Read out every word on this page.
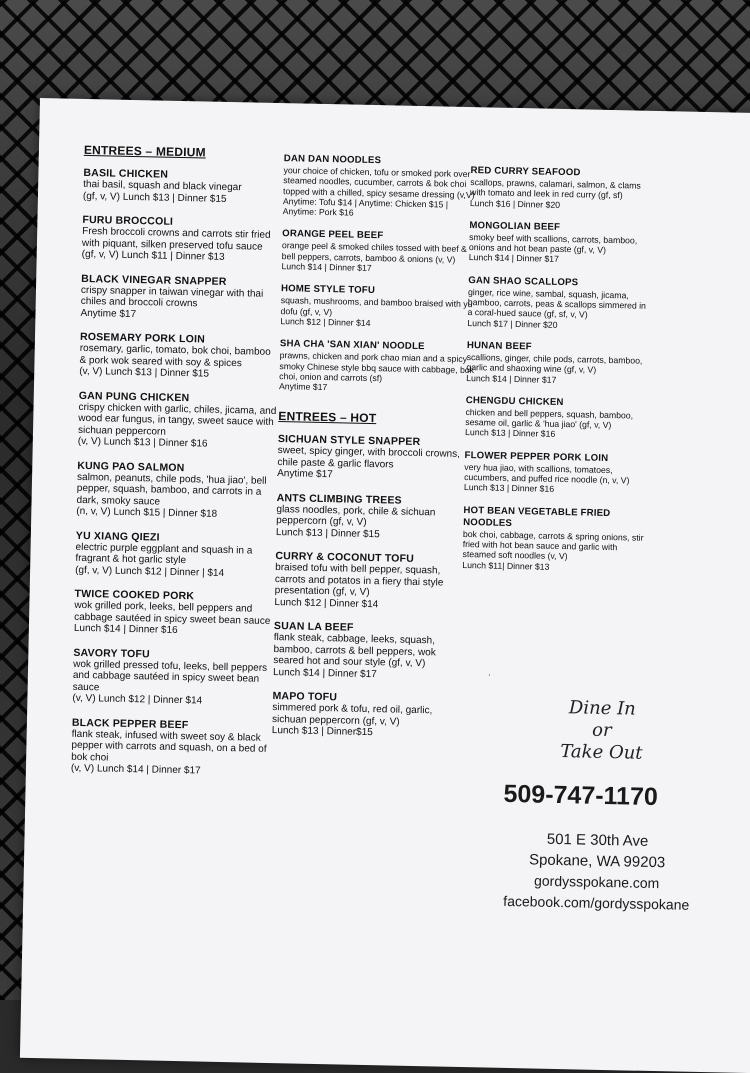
ENTREES – MEDIUM
BASIL CHICKEN
thai basil, squash and black vinegar
(gf, v, V) Lunch $13 | Dinner $15
FURU BROCCOLI
Fresh broccoli crowns and carrots stir fried with piquant, silken preserved tofu sauce
(gf, v, V) Lunch $11 | Dinner $13
BLACK VINEGAR SNAPPER
crispy snapper in taiwan vinegar with thai chiles and broccoli crowns
Anytime $17
ROSEMARY PORK LOIN
rosemary, garlic, tomato, bok choi, bamboo & pork wok seared with soy & spices
(v, V) Lunch $13 | Dinner $15
GAN PUNG CHICKEN
crispy chicken with garlic, chiles, jicama, and wood ear fungus, in tangy, sweet sauce with sichuan peppercorn
(v, V) Lunch $13 | Dinner $16
KUNG PAO SALMON
salmon, peanuts, chile pods, 'hua jiao', bell pepper, squash, bamboo, and carrots in a dark, smoky sauce
(n, v, V) Lunch $15 | Dinner $18
YU XIANG QIEZI
electric purple eggplant and squash in a fragrant & hot garlic style
(gf, v, V) Lunch $12 | Dinner | $14
TWICE COOKED PORK
wok grilled pork, leeks, bell peppers and cabbage sautéed in spicy sweet bean sauce
Lunch $14 | Dinner $16
SAVORY TOFU
wok grilled pressed tofu, leeks, bell peppers and cabbage sautéed in spicy sweet bean sauce
(v, V) Lunch $12 | Dinner $14
BLACK PEPPER BEEF
flank steak, infused with sweet soy & black pepper with carrots and squash, on a bed of bok choi
(v, V) Lunch $14 | Dinner $17
DAN DAN NOODLES
your choice of chicken, tofu or smoked pork over steamed noodles, cucumber, carrots & bok choi topped with a chilled, spicy sesame dressing (v,V)
Anytime: Tofu $14 | Anytime: Chicken $15 | Anytime: Pork $16
ORANGE PEEL BEEF
orange peel & smoked chiles tossed with beef & bell peppers, carrots, bamboo & onions (v, V)
Lunch $14 | Dinner $17
HOME STYLE TOFU
squash, mushrooms, and bamboo braised with yu dofu (gf, v, V)
Lunch $12 | Dinner $14
SHA CHA 'SAN XIAN' NOODLE
prawns, chicken and pork chao mian and a spicy smoky Chinese style bbq sauce with cabbage, bok choi, onion and carrots (sf)
Anytime $17
ENTREES – HOT
SICHUAN STYLE SNAPPER
sweet, spicy ginger, with broccoli crowns, chile paste & garlic flavors
Anytime $17
ANTS CLIMBING TREES
glass noodles, pork, chile & sichuan peppercorn (gf, v, V)
Lunch $13 | Dinner $15
CURRY & COCONUT TOFU
braised tofu with bell pepper, squash, carrots and potatos in a fiery thai style presentation (gf, v, V)
Lunch $12 | Dinner $14
SUAN LA BEEF
flank steak, cabbage, leeks, squash, bamboo, carrots & bell peppers, wok seared hot and sour style (gf, v, V)
Lunch $14 | Dinner $17
MAPO TOFU
simmered pork & tofu, red oil, garlic, sichuan peppercorn (gf, v, V)
Lunch $13 | Dinner$15
RED CURRY SEAFOOD
scallops, prawns, calamari, salmon, & clams with tomato and leek in red curry (gf, sf)
Lunch $16 | Dinner $20
MONGOLIAN BEEF
smoky beef with scallions, carrots, bamboo, onions and hot bean paste (gf, v, V)
Lunch $14 | Dinner $17
GAN SHAO SCALLOPS
ginger, rice wine, sambal, squash, jicama, bamboo, carrots, peas & scallops simmered in a coral-hued sauce (gf, sf, v, V)
Lunch $17 | Dinner $20
HUNAN BEEF
scallions, ginger, chile pods, carrots, bamboo, garlic and shaoxing wine (gf, v, V)
Lunch $14 | Dinner $17
CHENGDU CHICKEN
chicken and bell peppers, squash, bamboo, sesame oil, garlic & 'hua jiao' (gf, v, V)
Lunch $13 | Dinner $16
FLOWER PEPPER PORK LOIN
very hua jiao, with scallions, tomatoes, cucumbers, and puffed rice noodle (n, v, V)
Lunch $13 | Dinner $16
HOT BEAN VEGETABLE FRIED NOODLES
bok choi, cabbage, carrots & spring onions, stir fried with hot bean sauce and garlic with steamed soft noodles (v, V)
Lunch $11| Dinner $13
.
Dine In
or
Take Out
509-747-1170
501 E 30th Ave
Spokane, WA 99203
gordysspokane.com
facebook.com/gordysspokane
